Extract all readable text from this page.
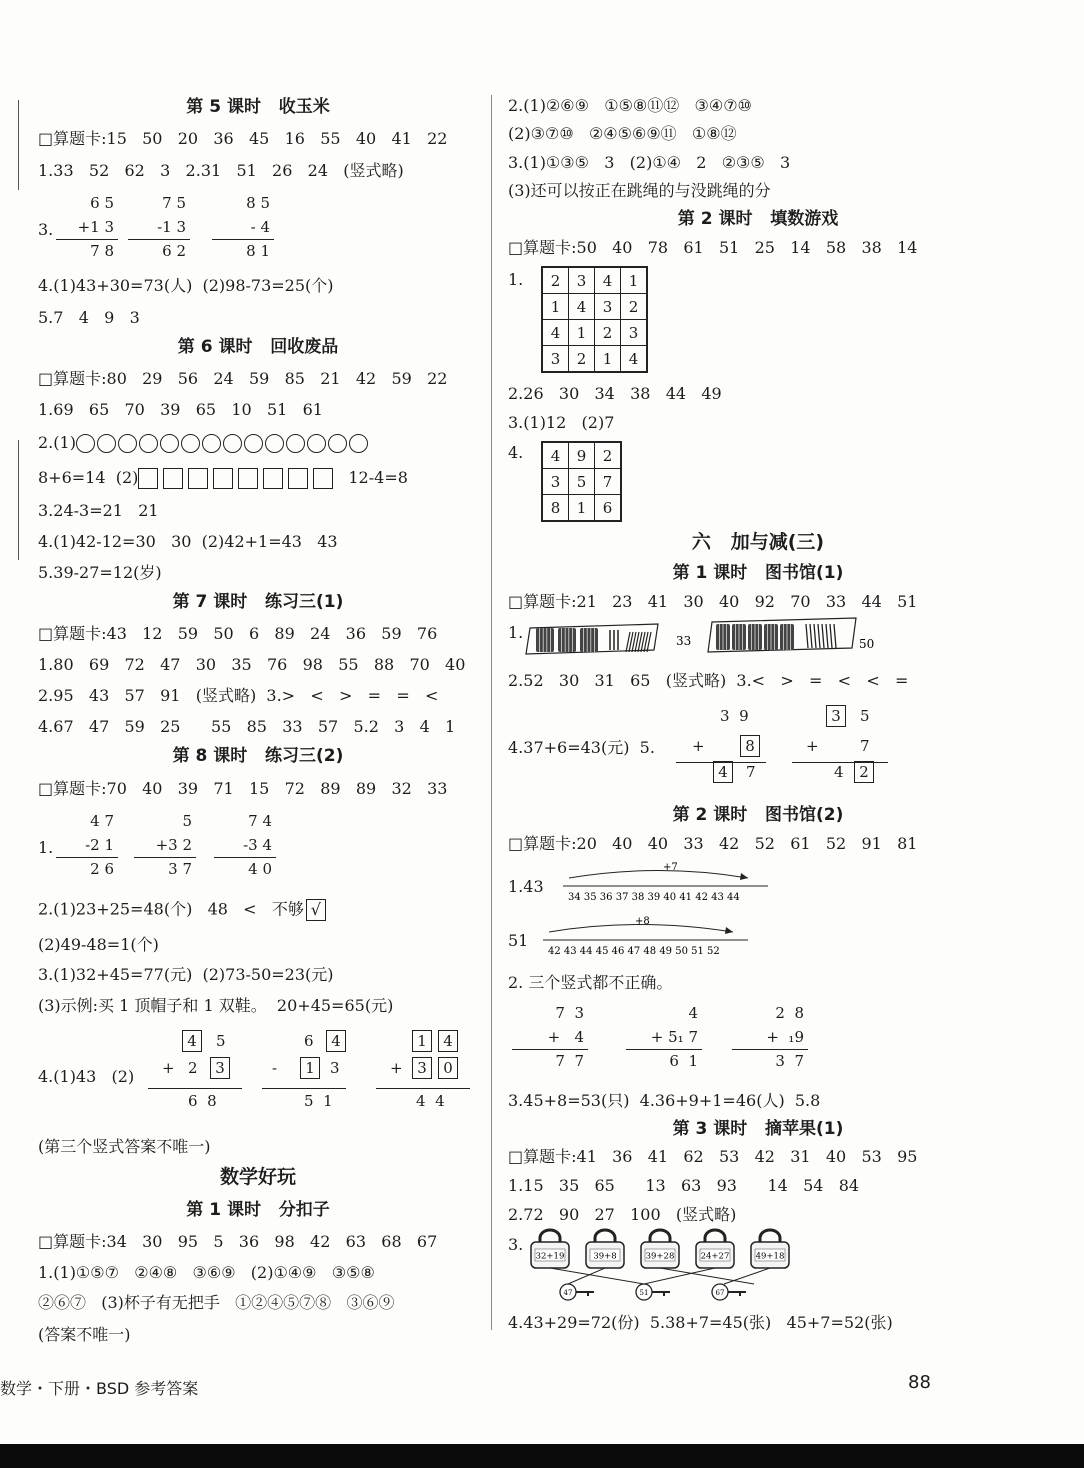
第 5 课时   收玉米
□算题卡:15   50   20   36   45   16   55   40   41   22
1.33   52   62   3   2.31   51   26   24   (竖式略)
3.
6 5
+1 3
7 8
7 5
-1 3
6 2
8 5
- 4
8 1
4.(1)43+30=73(人)  (2)98-73=25(个)
5.7   4   9   3
第 6 课时   回收废品
□算题卡:80   29   56   24   59   85   21   42   59   22
1.69   65   70   39   65   10   51   61
2.(1)
8+6=14  (2)	12-4=8
3.24-3=21   21
4.(1)42-12=30   30  (2)42+1=43   43
5.39-27=12(岁)
第 7 课时   练习三(1)
□算题卡:43   12   59   50   6   89   24   36   59   76
1.80   69   72   47   30   35   76   98   55   88   70   40
2.95   43   57   91   (竖式略)  3.>   <   >   =   =   <
4.67   47   59   25      55   85   33   57   5.2   3   4   1
第 8 课时   练习三(2)
□算题卡:70   40   39   71   15   72   89   89   32   33
1.
4 7
-2 1
2 6
5
+3 2
3 7
7 4
-3 4
4 0
2.(1)23+25=48(个)   48   <   不够 √
(2)49-48=1(个)
3.(1)32+45=77(元)  (2)73-50=23(元)
(3)示例:买 1 顶帽子和 1 双鞋。  20+45=65(元)
4.(1)43   (2)
4	5
+ 2	3
6  8
6	4
-	1	3
5  1
1	4
+ 3	0
4  4
(第三个竖式答案不唯一)
数学好玩
第 1 课时   分扣子
□算题卡:34   30   95   5   36   98   42   63   68   67
1.(1)①⑤⑦   ②④⑧   ③⑥⑨   (2)①④⑨   ③⑤⑧
②⑥⑦   (3)杯子有无把手   ①②④⑤⑦⑧   ③⑥⑨
(答案不唯一)
2.(1)②⑥⑨   ①⑤⑧⑪⑫   ③④⑦⑩
(2)③⑦⑩   ②④⑤⑥⑨⑪   ①⑧⑫
3.(1)①③⑤   3   (2)①④   2   ②③⑤   3
(3)还可以按正在跳绳的与没跳绳的分
第 2 课时   填数游戏
□算题卡:50   40   78   61   51   25   14   58   38   14
1. 2	3	4	1
1	4	3	2
4	1	2	3
3	2	1	4
2.26   30   34   38   44   49
3.(1)12   (2)7
4. 4	9	2
3	5	7
8	1	6
六   加与减(三)
第 1 课时   图书馆(1)
□算题卡:21   23   41   30   40   92   70   33   44   51
1.	33	50
2.52   30   31   65   (竖式略)  3.<   >   =   <   <   =
4.37+6=43(元)  5.
3  9
+	8
4	7
3	5
+	7
4	2
第 2 课时   图书馆(2)
□算题卡:20   40   40   33   42   52   61   52   91   81
1.43
+7
34 35 36 37 38 39 40 41 42 43 44
51
+8
42 43 44 45 46 47 48 49 50 51 52
2. 三个竖式都不正确。
7  3
+   4
7  7
4
+ 5₁ 7
6  1
2  8
+  ₁9
3  7
3.45+8=53(只)  4.36+9+1=46(人)  5.8
第 3 课时   摘苹果(1)
□算题卡:41   36   41   62   53   42   31   40   53   95
1.15   35   65      13   63   93      14   54   84
2.72   90   27   100   (竖式略)
3.
32+19	39+8	39+28	24+27	49+18
47	51	67
4.43+29=72(份)  5.38+7=45(张)   45+7=52(张)
数学・下册・BSD 参考答案	88
